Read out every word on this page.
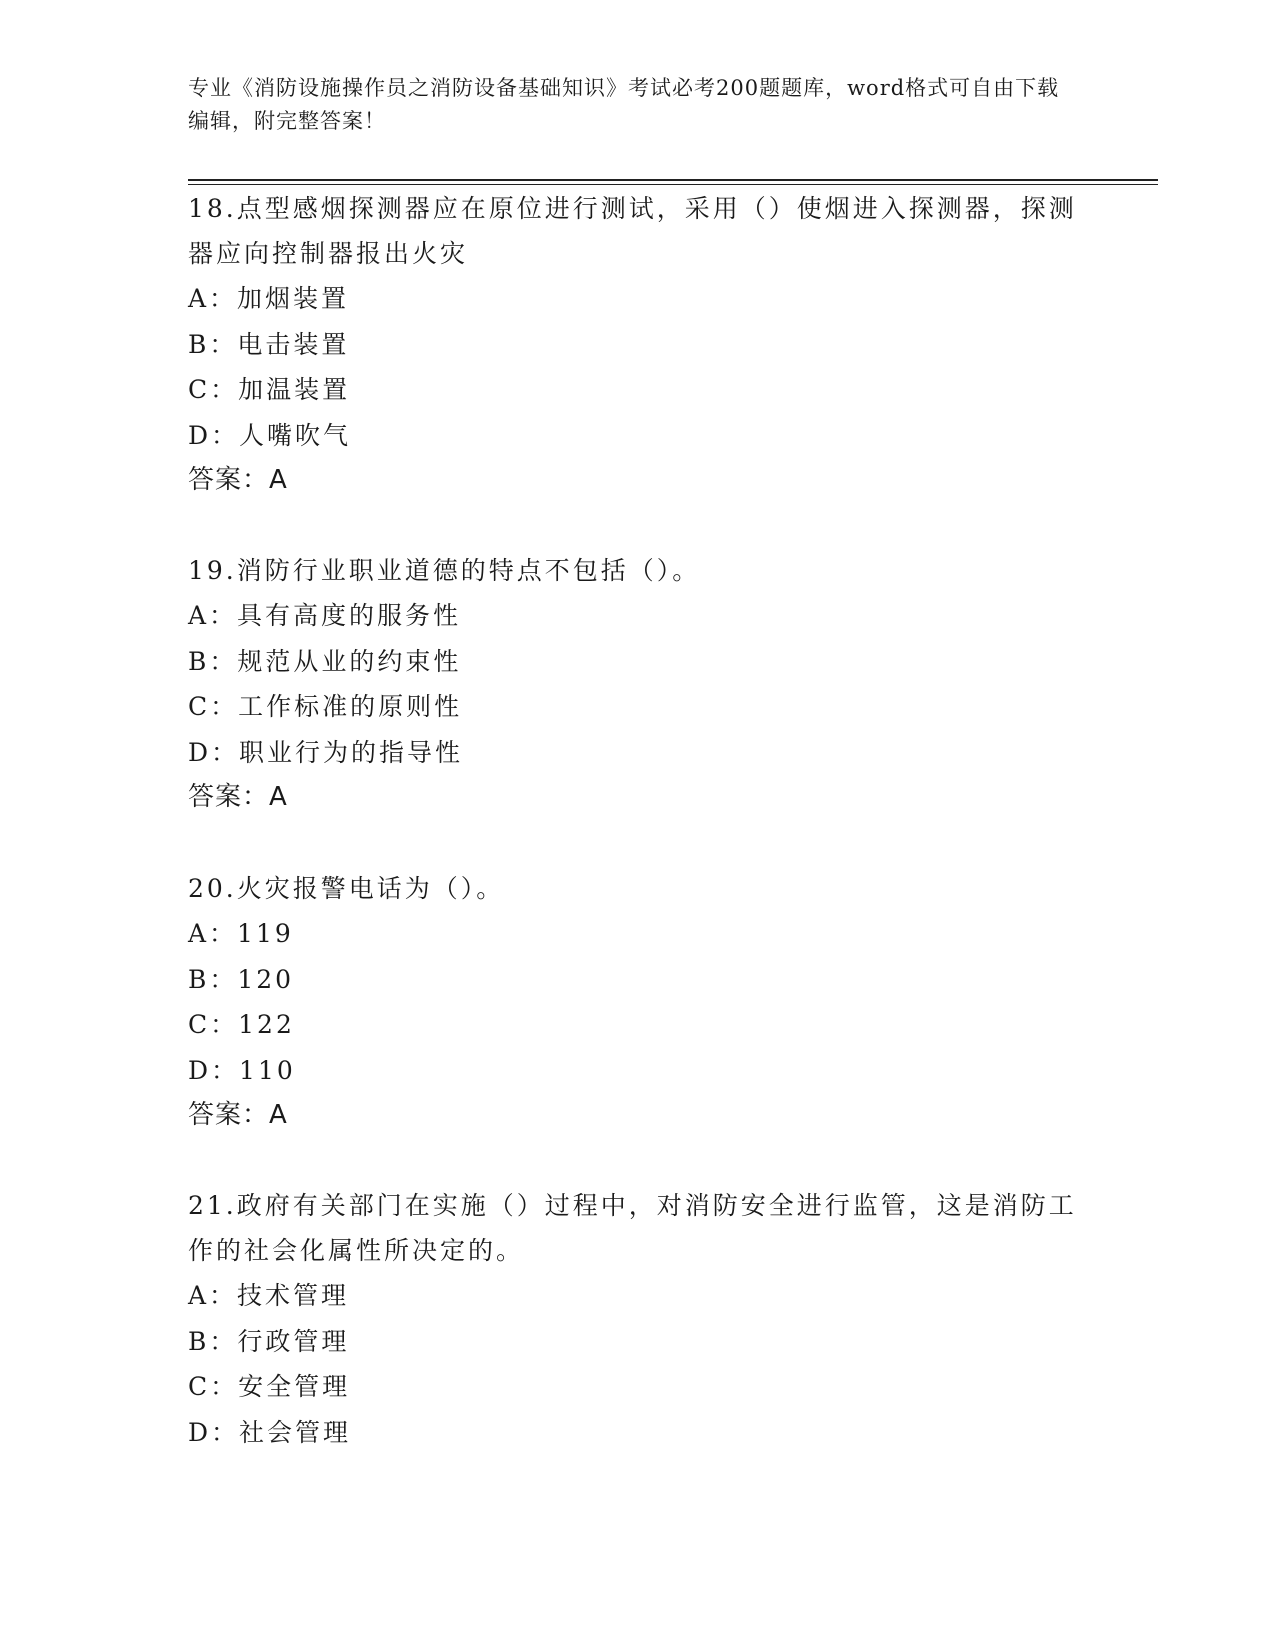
专业《消防设施操作员之消防设备基础知识》考试必考200题题库，word格式可自由下载编辑，附完整答案！

18.点型感烟探测器应在原位进行测试，采用（）使烟进入探测器，探测器应向控制器报出火灾

A：加烟装置

B：电击装置

C：加温装置

D：人嘴吹气

答案：A

19.消防行业职业道德的特点不包括（）。

A：具有高度的服务性

B：规范从业的约束性

C：工作标准的原则性

D：职业行为的指导性

答案：A

20.火灾报警电话为（）。

A：119

B：120

C：122

D：110

答案：A

21.政府有关部门在实施（）过程中，对消防安全进行监管，这是消防工作的社会化属性所决定的。

A：技术管理

B：行政管理

C：安全管理

D：社会管理
